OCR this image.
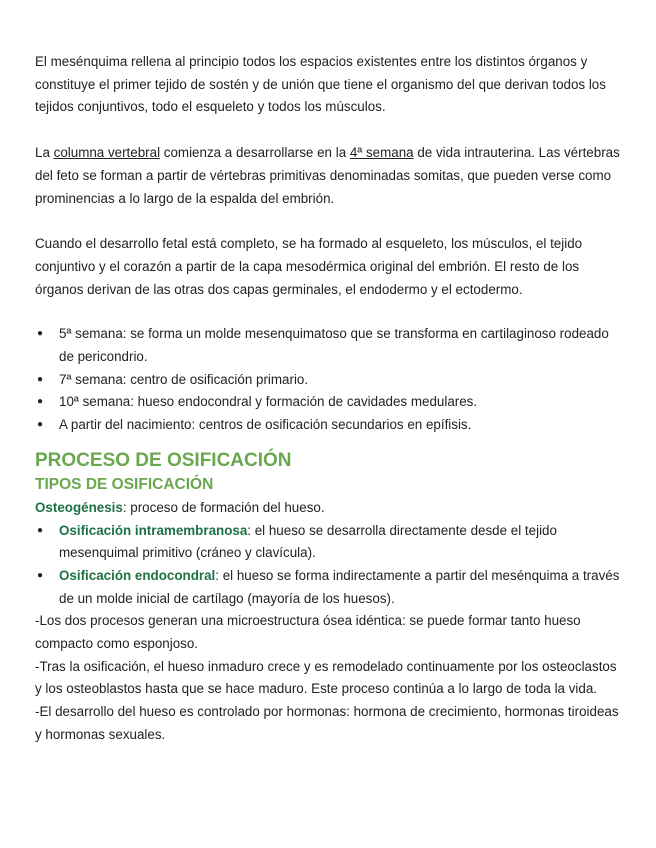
El mesénquima rellena al principio todos los espacios existentes entre los distintos órganos y constituye el primer tejido de sostén y de unión que tiene el organismo del que derivan todos los tejidos conjuntivos, todo el esqueleto y todos los músculos.

La columna vertebral comienza a desarrollarse en la 4ª semana de vida intrauterina. Las vértebras del feto se forman a partir de vértebras primitivas denominadas somitas, que pueden verse como prominencias a lo largo de la espalda del embrión.

Cuando el desarrollo fetal está completo, se ha formado al esqueleto, los músculos, el tejido conjuntivo y el corazón a partir de la capa mesodérmica original del embrión. El resto de los órganos derivan de las otras dos capas germinales, el endodermo y el ectodermo.

● 5ª semana: se forma un molde mesenquimatoso que se transforma en cartilaginoso rodeado de pericondrio.
● 7ª semana: centro de osificación primario.
● 10ª semana: hueso endocondral y formación de cavidades medulares.
● A partir del nacimiento: centros de osificación secundarios en epífisis.
PROCESO DE OSIFICACIÓN
TIPOS DE OSIFICACIÓN

Osteogénesis: proceso de formación del hueso.

● Osificación intramembranosa: el hueso se desarrolla directamente desde el tejido mesenquimal primitivo (cráneo y clavícula).
● Osificación endocondral: el hueso se forma indirectamente a partir del mesénquima a través de un molde inicial de cartílago (mayoría de los huesos).

-Los dos procesos generan una microestructura ósea idéntica: se puede formar tanto hueso compacto como esponjoso.

-Tras la osificación, el hueso inmaduro crece y es remodelado continuamente por los osteoclastos y los osteoblastos hasta que se hace maduro. Este proceso continúa a lo largo de toda la vida.

-El desarrollo del hueso es controlado por hormonas: hormona de crecimiento, hormonas tiroideas y hormonas sexuales.
